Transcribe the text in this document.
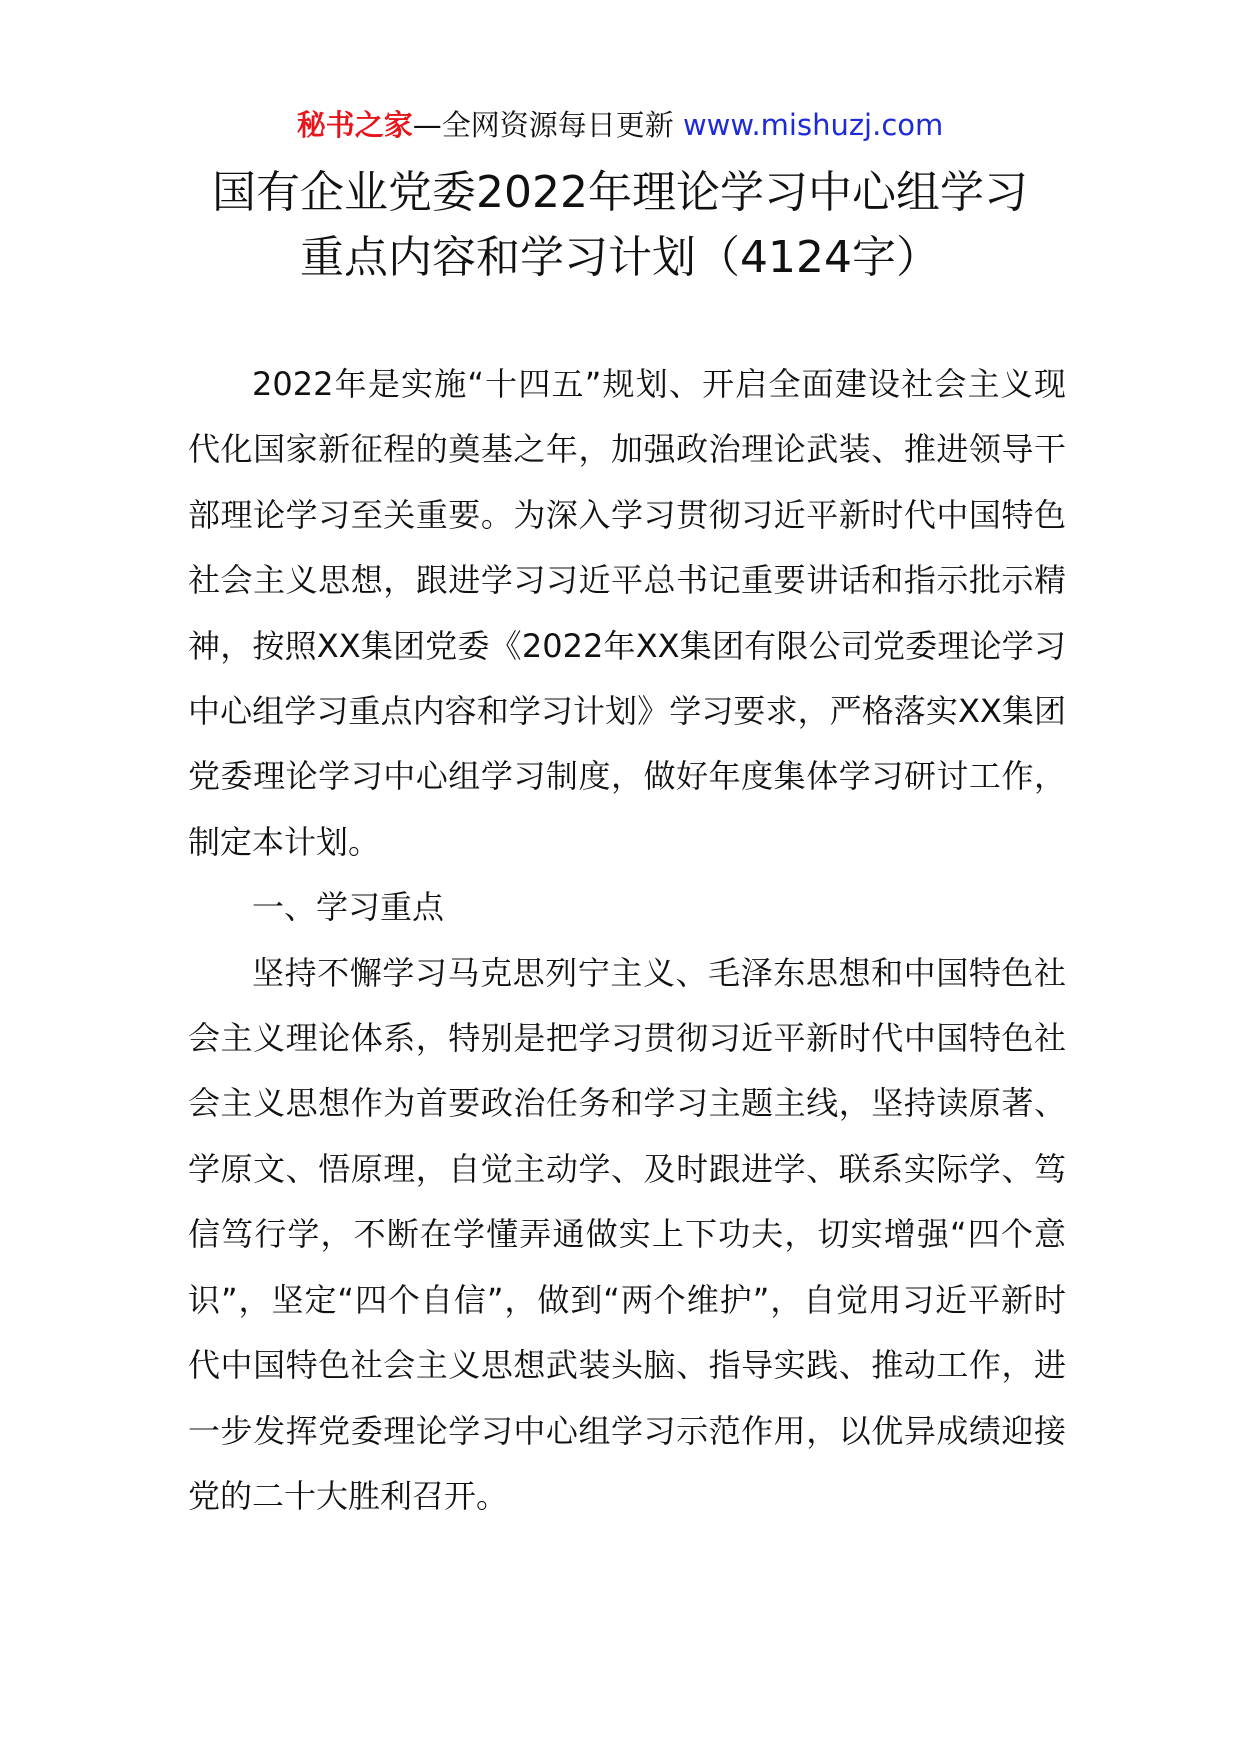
秘书之家—全网资源每日更新 www.mishuzj.com
国有企业党委2022年理论学习中心组学习
重点内容和学习计划（4124字）

2022年是实施“十四五”规划、开启全面建设社会主义现代化国家新征程的奠基之年，加强政治理论武装、推进领导干部理论学习至关重要。为深入学习贯彻习近平新时代中国特色社会主义思想，跟进学习习近平总书记重要讲话和指示批示精神，按照XX集团党委《2022年XX集团有限公司党委理论学习中心组学习重点内容和学习计划》学习要求，严格落实XX集团党委理论学习中心组学习制度，做好年度集体学习研讨工作，制定本计划。

一、学习重点

坚持不懈学习马克思列宁主义、毛泽东思想和中国特色社会主义理论体系，特别是把学习贯彻习近平新时代中国特色社会主义思想作为首要政治任务和学习主题主线，坚持读原著、学原文、悟原理，自觉主动学、及时跟进学、联系实际学、笃信笃行学，不断在学懂弄通做实上下功夫，切实增强“四个意识”，坚定“四个自信”，做到“两个维护”，自觉用习近平新时代中国特色社会主义思想武装头脑、指导实践、推动工作，进一步发挥党委理论学习中心组学习示范作用，以优异成绩迎接党的二十大胜利召开。
